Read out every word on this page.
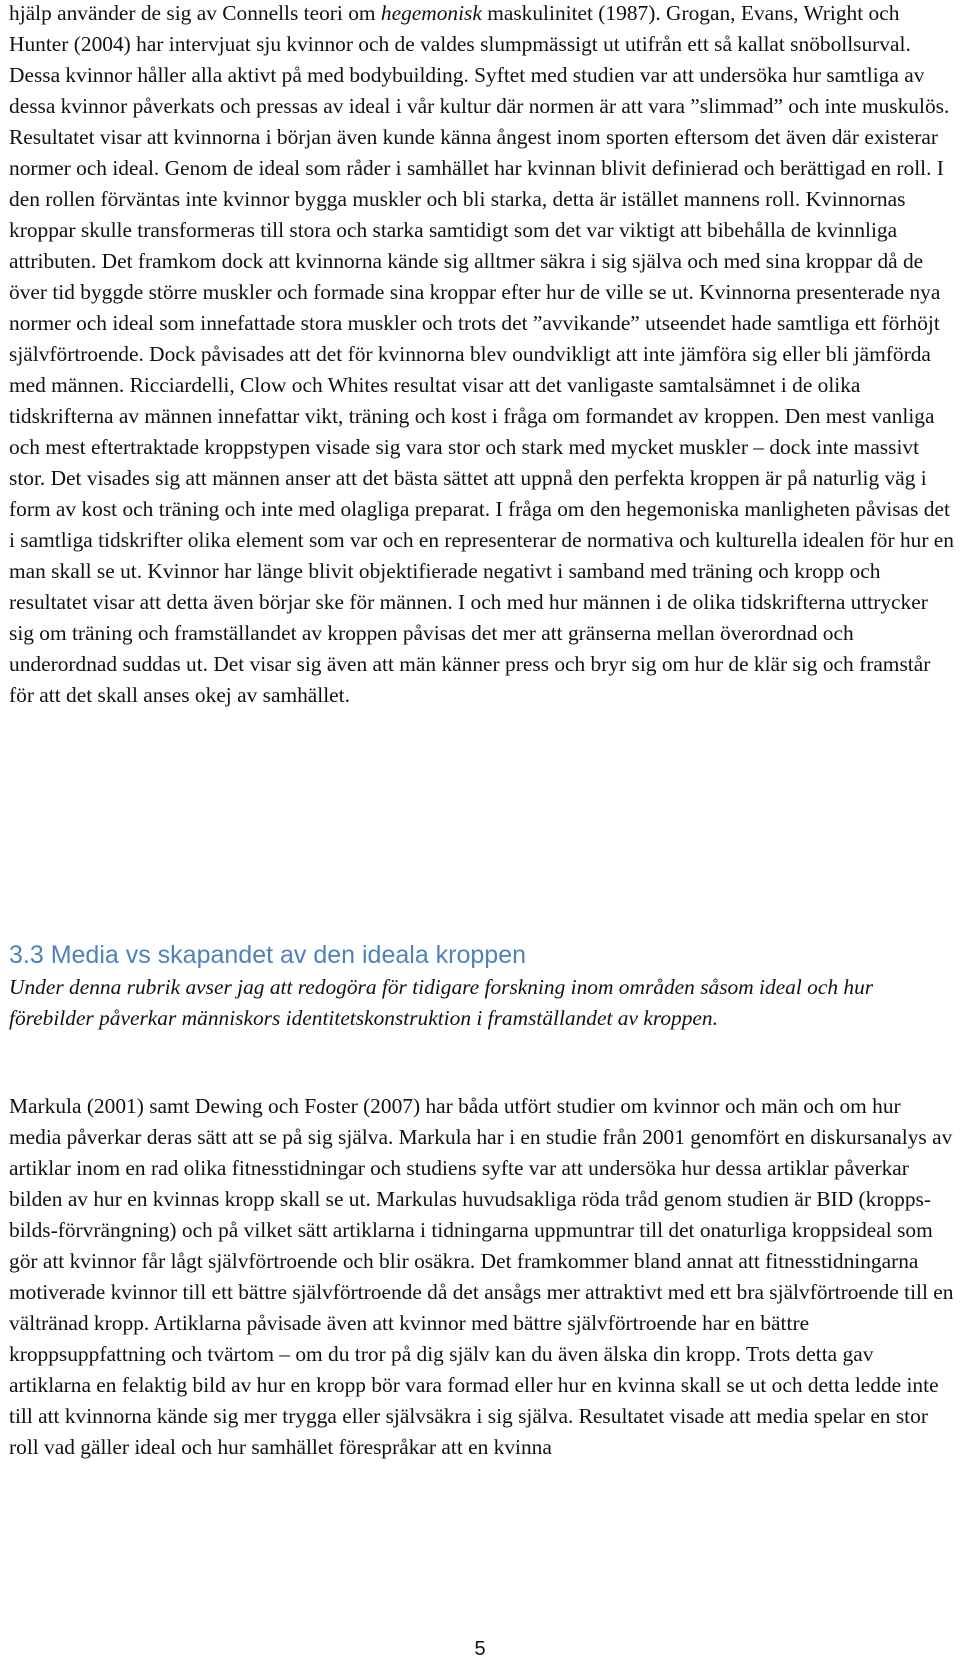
hjälp använder de sig av Connells teori om hegemonisk maskulinitet (1987). Grogan, Evans, Wright och Hunter (2004) har intervjuat sju kvinnor och de valdes slumpmässigt ut utifrån ett så kallat snöbollsurval. Dessa kvinnor håller alla aktivt på med bodybuilding. Syftet med studien var att undersöka hur samtliga av dessa kvinnor påverkats och pressas av ideal i vår kultur där normen är att vara ”slimmad” och inte muskulös. Resultatet visar att kvinnorna i början även kunde känna ångest inom sporten eftersom det även där existerar normer och ideal. Genom de ideal som råder i samhället har kvinnan blivit definierad och berättigad en roll. I den rollen förväntas inte kvinnor bygga muskler och bli starka, detta är istället mannens roll. Kvinnornas kroppar skulle transformeras till stora och starka samtidigt som det var viktigt att bibehålla de kvinnliga attributen. Det framkom dock att kvinnorna kände sig alltmer säkra i sig själva och med sina kroppar då de över tid byggde större muskler och formade sina kroppar efter hur de ville se ut. Kvinnorna presenterade nya normer och ideal som innefattade stora muskler och trots det ”avvikande” utseendet hade samtliga ett förhöjt självförtroende. Dock påvisades att det för kvinnorna blev oundvikligt att inte jämföra sig eller bli jämförda med männen. Ricciardelli, Clow och Whites resultat visar att det vanligaste samtalsämnet i de olika tidskrifterna av männen innefattar vikt, träning och kost i fråga om formandet av kroppen. Den mest vanliga och mest eftertraktade kroppstypen visade sig vara stor och stark med mycket muskler – dock inte massivt stor. Det visades sig att männen anser att det bästa sättet att uppnå den perfekta kroppen är på naturlig väg i form av kost och träning och inte med olagliga preparat. I fråga om den hegemoniska manligheten påvisas det i samtliga tidskrifter olika element som var och en representerar de normativa och kulturella idealen för hur en man skall se ut. Kvinnor har länge blivit objektifierade negativt i samband med träning och kropp och resultatet visar att detta även börjar ske för männen. I och med hur männen i de olika tidskrifterna uttrycker sig om träning och framställandet av kroppen påvisas det mer att gränserna mellan överordnad och underordnad suddas ut. Det visar sig även att män känner press och bryr sig om hur de klär sig och framstår för att det skall anses okej av samhället.

3.3 Media vs skapandet av den ideala kroppen

Under denna rubrik avser jag att redogöra för tidigare forskning inom områden såsom ideal och hur förebilder påverkar människors identitetskonstruktion i framställandet av kroppen.

Markula (2001) samt Dewing och Foster (2007) har båda utfört studier om kvinnor och män och om hur media påverkar deras sätt att se på sig själva. Markula har i en studie från 2001 genomfört en diskursanalys av artiklar inom en rad olika fitnesstidningar och studiens syfte var att undersöka hur dessa artiklar påverkar bilden av hur en kvinnas kropp skall se ut. Markulas huvudsakliga röda tråd genom studien är BID (kropps-bilds-förvrängning) och på vilket sätt artiklarna i tidningarna uppmuntrar till det onaturliga kroppsideal som gör att kvinnor får lågt självförtroende och blir osäkra. Det framkommer bland annat att fitnesstidningarna motiverade kvinnor till ett bättre självförtroende då det ansågs mer attraktivt med ett bra självförtroende till en vältränad kropp. Artiklarna påvisade även att kvinnor med bättre självförtroende har en bättre kroppsuppfattning och tvärtom – om du tror på dig själv kan du även älska din kropp. Trots detta gav artiklarna en felaktig bild av hur en kropp bör vara formad eller hur en kvinna skall se ut och detta ledde inte till att kvinnorna kände sig mer trygga eller självsäkra i sig själva. Resultatet visade att media spelar en stor roll vad gäller ideal och hur samhället förespråkar att en kvinna

5
